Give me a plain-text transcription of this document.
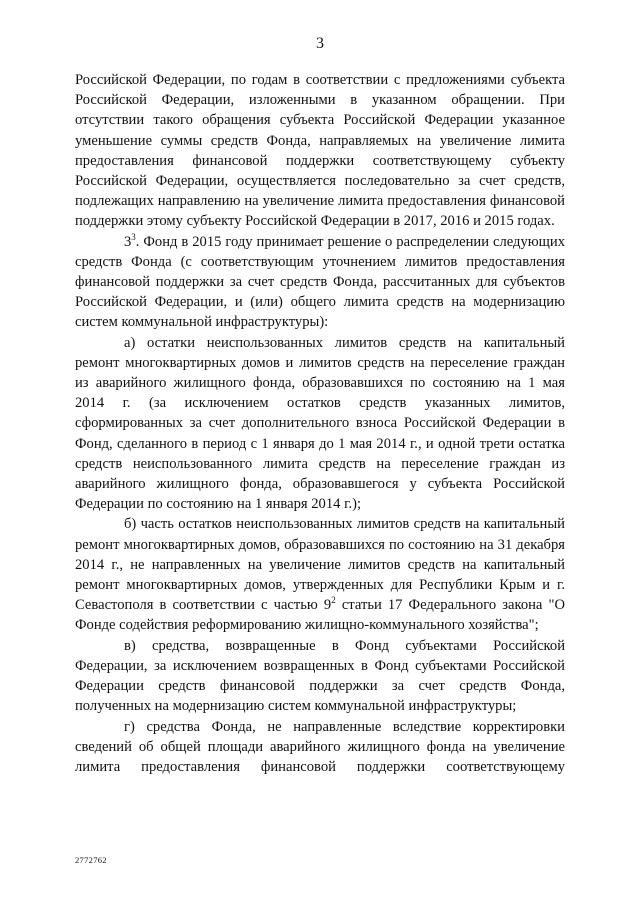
3

Российской Федерации, по годам в соответствии с предложениями субъекта Российской Федерации, изложенными в указанном обращении. При отсутствии такого обращения субъекта Российской Федерации указанное уменьшение суммы средств Фонда, направляемых на увеличение лимита предоставления финансовой поддержки соответствующему субъекту Российской Федерации, осуществляется последовательно за счет средств, подлежащих направлению на увеличение лимита предоставления финансовой поддержки этому субъекту Российской Федерации в 2017, 2016 и 2015 годах.

$3^3$. Фонд в 2015 году принимает решение о распределении следующих средств Фонда (с соответствующим уточнением лимитов предоставления финансовой поддержки за счет средств Фонда, рассчитанных для субъектов Российской Федерации, и (или) общего лимита средств на модернизацию систем коммунальной инфраструктуры):

а) остатки неиспользованных лимитов средств на капитальный ремонт многоквартирных домов и лимитов средств на переселение граждан из аварийного жилищного фонда, образовавшихся по состоянию на 1 мая 2014 г. (за исключением остатков средств указанных лимитов, сформированных за счет дополнительного взноса Российской Федерации в Фонд, сделанного в период с 1 января до 1 мая 2014 г., и одной трети остатка средств неиспользованного лимита средств на переселение граждан из аварийного жилищного фонда, образовавшегося у субъекта Российской Федерации по состоянию на 1 января 2014 г.);

б) часть остатков неиспользованных лимитов средств на капитальный ремонт многоквартирных домов, образовавшихся по состоянию на 31 декабря 2014 г., не направленных на увеличение лимитов средств на капитальный ремонт многоквартирных домов, утвержденных для Республики Крым и г. Севастополя в соответствии с частью $9^2$ статьи 17 Федерального закона "О Фонде содействия реформированию жилищно-коммунального хозяйства";

в) средства, возвращенные в Фонд субъектами Российской Федерации, за исключением возвращенных в Фонд субъектами Российской Федерации средств финансовой поддержки за счет средств Фонда, полученных на модернизацию систем коммунальной инфраструктуры;

г) средства Фонда, не направленные вследствие корректировки сведений об общей площади аварийного жилищного фонда на увеличение лимита предоставления финансовой поддержки соответствующему

2772762
